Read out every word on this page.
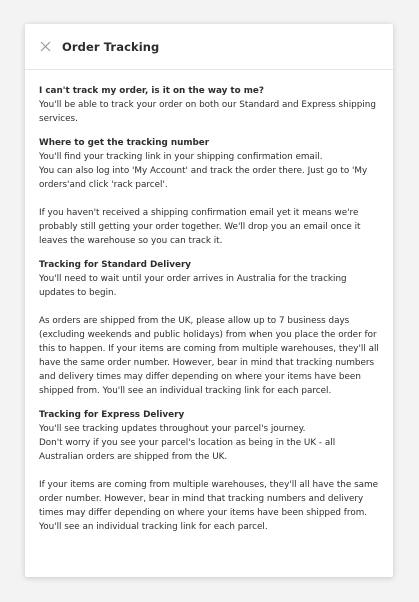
Order Tracking
I can't track my order, is it on the way to me?

You'll be able to track your order on both our Standard and Express shipping services.

Where to get the tracking number

You'll find your tracking link in your shipping confirmation email.

You can also log into 'My Account' and track the order there. Just go to 'My orders'and click 'rack parcel'.

If you haven't received a shipping confirmation email yet it means we're probably still getting your order together. We'll drop you an email once it leaves the warehouse so you can track it.

Tracking for Standard Delivery

You'll need to wait until your order arrives in Australia for the tracking updates to begin.

As orders are shipped from the UK, please allow up to 7 business days (excluding weekends and public holidays) from when you place the order for this to happen. If your items are coming from multiple warehouses, they'll all have the same order number. However, bear in mind that tracking numbers and delivery times may differ depending on where your items have been shipped from. You'll see an individual tracking link for each parcel.

Tracking for Express Delivery

You'll see tracking updates throughout your parcel's journey.

Don't worry if you see your parcel's location as being in the UK - all Australian orders are shipped from the UK.

If your items are coming from multiple warehouses, they'll all have the same order number. However, bear in mind that tracking numbers and delivery times may differ depending on where your items have been shipped from. You'll see an individual tracking link for each parcel.
